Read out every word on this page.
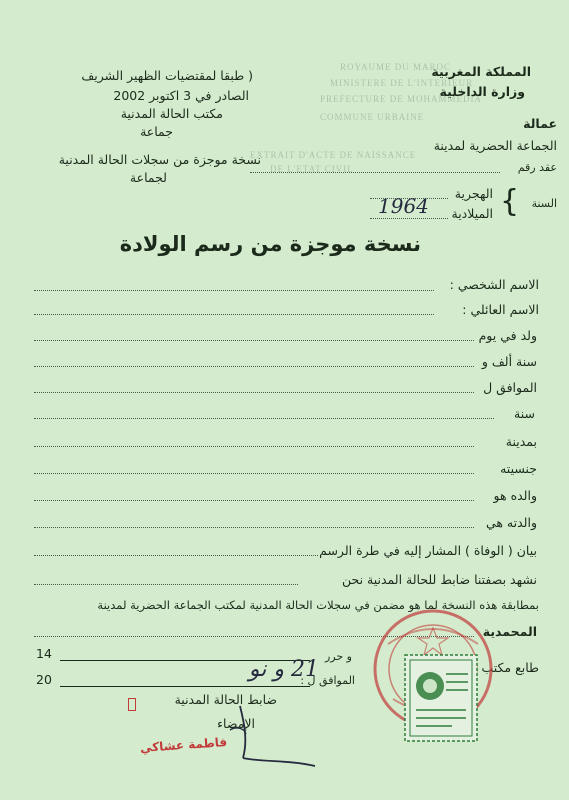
ROYAUME DU MAROC
MINISTERE DE L'INTERIEUR
PREFECTURE DE MOHAMMEDIA
COMMUNE URBAINE
EXTRAIT D'ACTE DE NAISSANCE
DE L'ETAT CIVIL
المملكة المغربية
وزارة الداخلية
عمالة
الجماعة الحضرية لمدينة
عقد رقم
السنة
{
الهجرية
الميلادية
1964
( طبقا لمقتضيات الظهير الشريف
الصادر في 3 اكتوبر 2002
مكتب الحالة المدنية
جماعة
نسخة موجزة من سجلات الحالة المدنية
لجماعة
نسخة موجزة من رسم الولادة
الاسم الشخصي :
الاسم العائلي :
ولد في يوم
سنة ألف و
الموافق ل
سنة
بمدينة
جنسيته
والده هو
والدته هي
بيان ( الوفاة ) المشار إليه في طرة الرسم
نشهد بصفتنا ضابط للحالة المدنية نحن
بمطابقة هذه النسخة لما هو مضمن في سجلات الحالة المدنية لمكتب الجماعة الحضرية لمدينة
المحمدية
14
20
و حرر
الموافق ل :
21 و نو	طابع مكتب
ضابط الحالة المدنية
الإمضاء
فاطمة عشاكي
